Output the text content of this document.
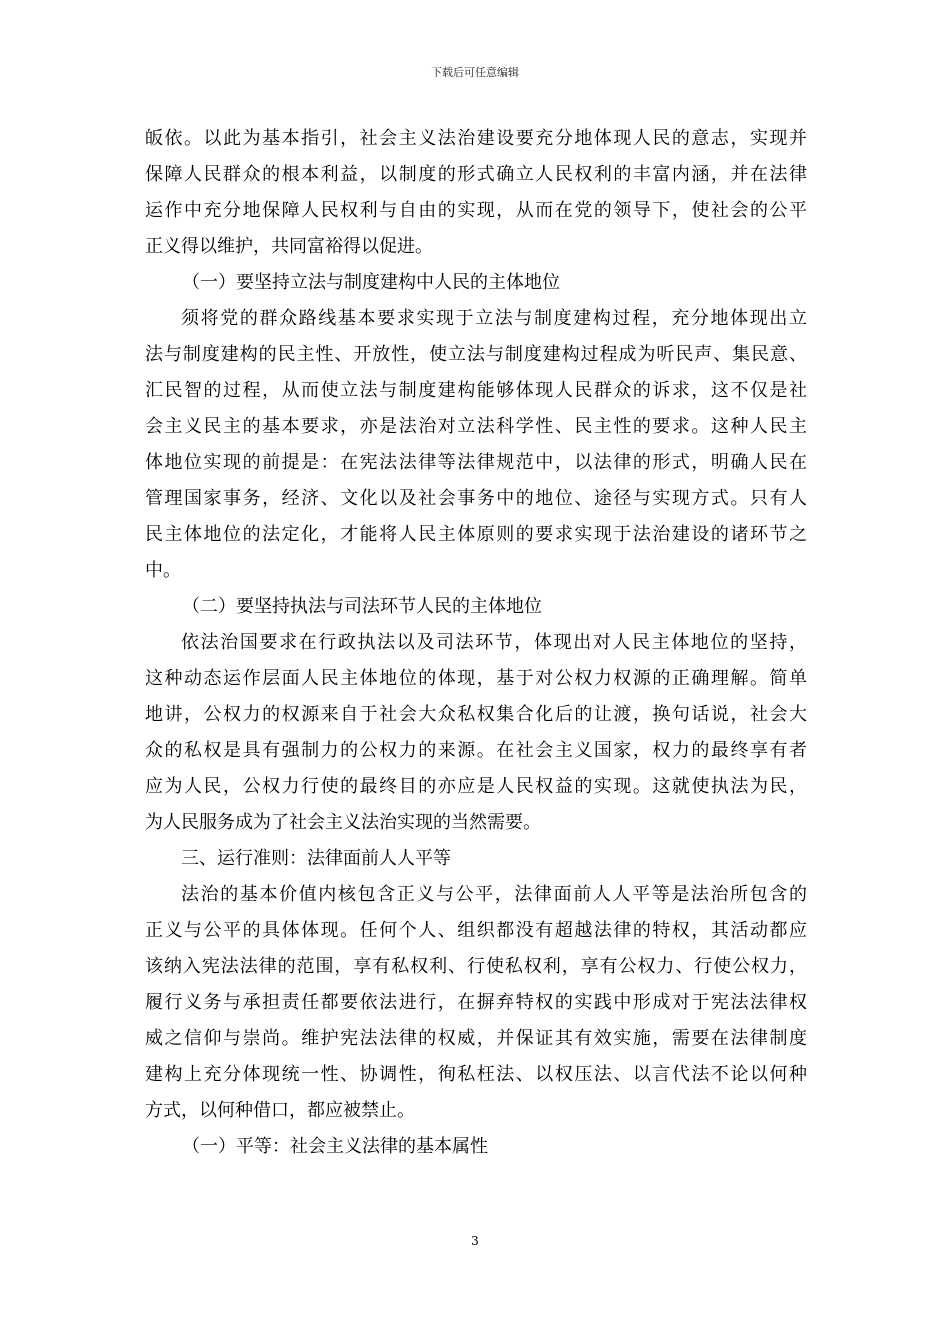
下载后可任意编辑
皈依。以此为基本指引，社会主义法治建设要充分地体现人民的意志，实现并
保障人民群众的根本利益，以制度的形式确立人民权利的丰富内涵，并在法律
运作中充分地保障人民权利与自由的实现，从而在党的领导下，使社会的公平
正义得以维护，共同富裕得以促进。
（一）要坚持立法与制度建构中人民的主体地位
须将党的群众路线基本要求实现于立法与制度建构过程，充分地体现出立
法与制度建构的民主性、开放性，使立法与制度建构过程成为听民声、集民意、
汇民智的过程，从而使立法与制度建构能够体现人民群众的诉求，这不仅是社
会主义民主的基本要求，亦是法治对立法科学性、民主性的要求。这种人民主
体地位实现的前提是：在宪法法律等法律规范中，以法律的形式，明确人民在
管理国家事务，经济、文化以及社会事务中的地位、途径与实现方式。只有人
民主体地位的法定化，才能将人民主体原则的要求实现于法治建设的诸环节之
中。
（二）要坚持执法与司法环节人民的主体地位
依法治国要求在行政执法以及司法环节，体现出对人民主体地位的坚持，
这种动态运作层面人民主体地位的体现，基于对公权力权源的正确理解。简单
地讲，公权力的权源来自于社会大众私权集合化后的让渡，换句话说，社会大
众的私权是具有强制力的公权力的来源。在社会主义国家，权力的最终享有者
应为人民，公权力行使的最终目的亦应是人民权益的实现。这就使执法为民，
为人民服务成为了社会主义法治实现的当然需要。
三、运行准则：法律面前人人平等
法治的基本价值内核包含正义与公平，法律面前人人平等是法治所包含的
正义与公平的具体体现。任何个人、组织都没有超越法律的特权，其活动都应
该纳入宪法法律的范围，享有私权利、行使私权利，享有公权力、行使公权力，
履行义务与承担责任都要依法进行，在摒弃特权的实践中形成对于宪法法律权
威之信仰与崇尚。维护宪法法律的权威，并保证其有效实施，需要在法律制度
建构上充分体现统一性、协调性，徇私枉法、以权压法、以言代法不论以何种
方式，以何种借口，都应被禁止。
（一）平等：社会主义法律的基本属性
3
